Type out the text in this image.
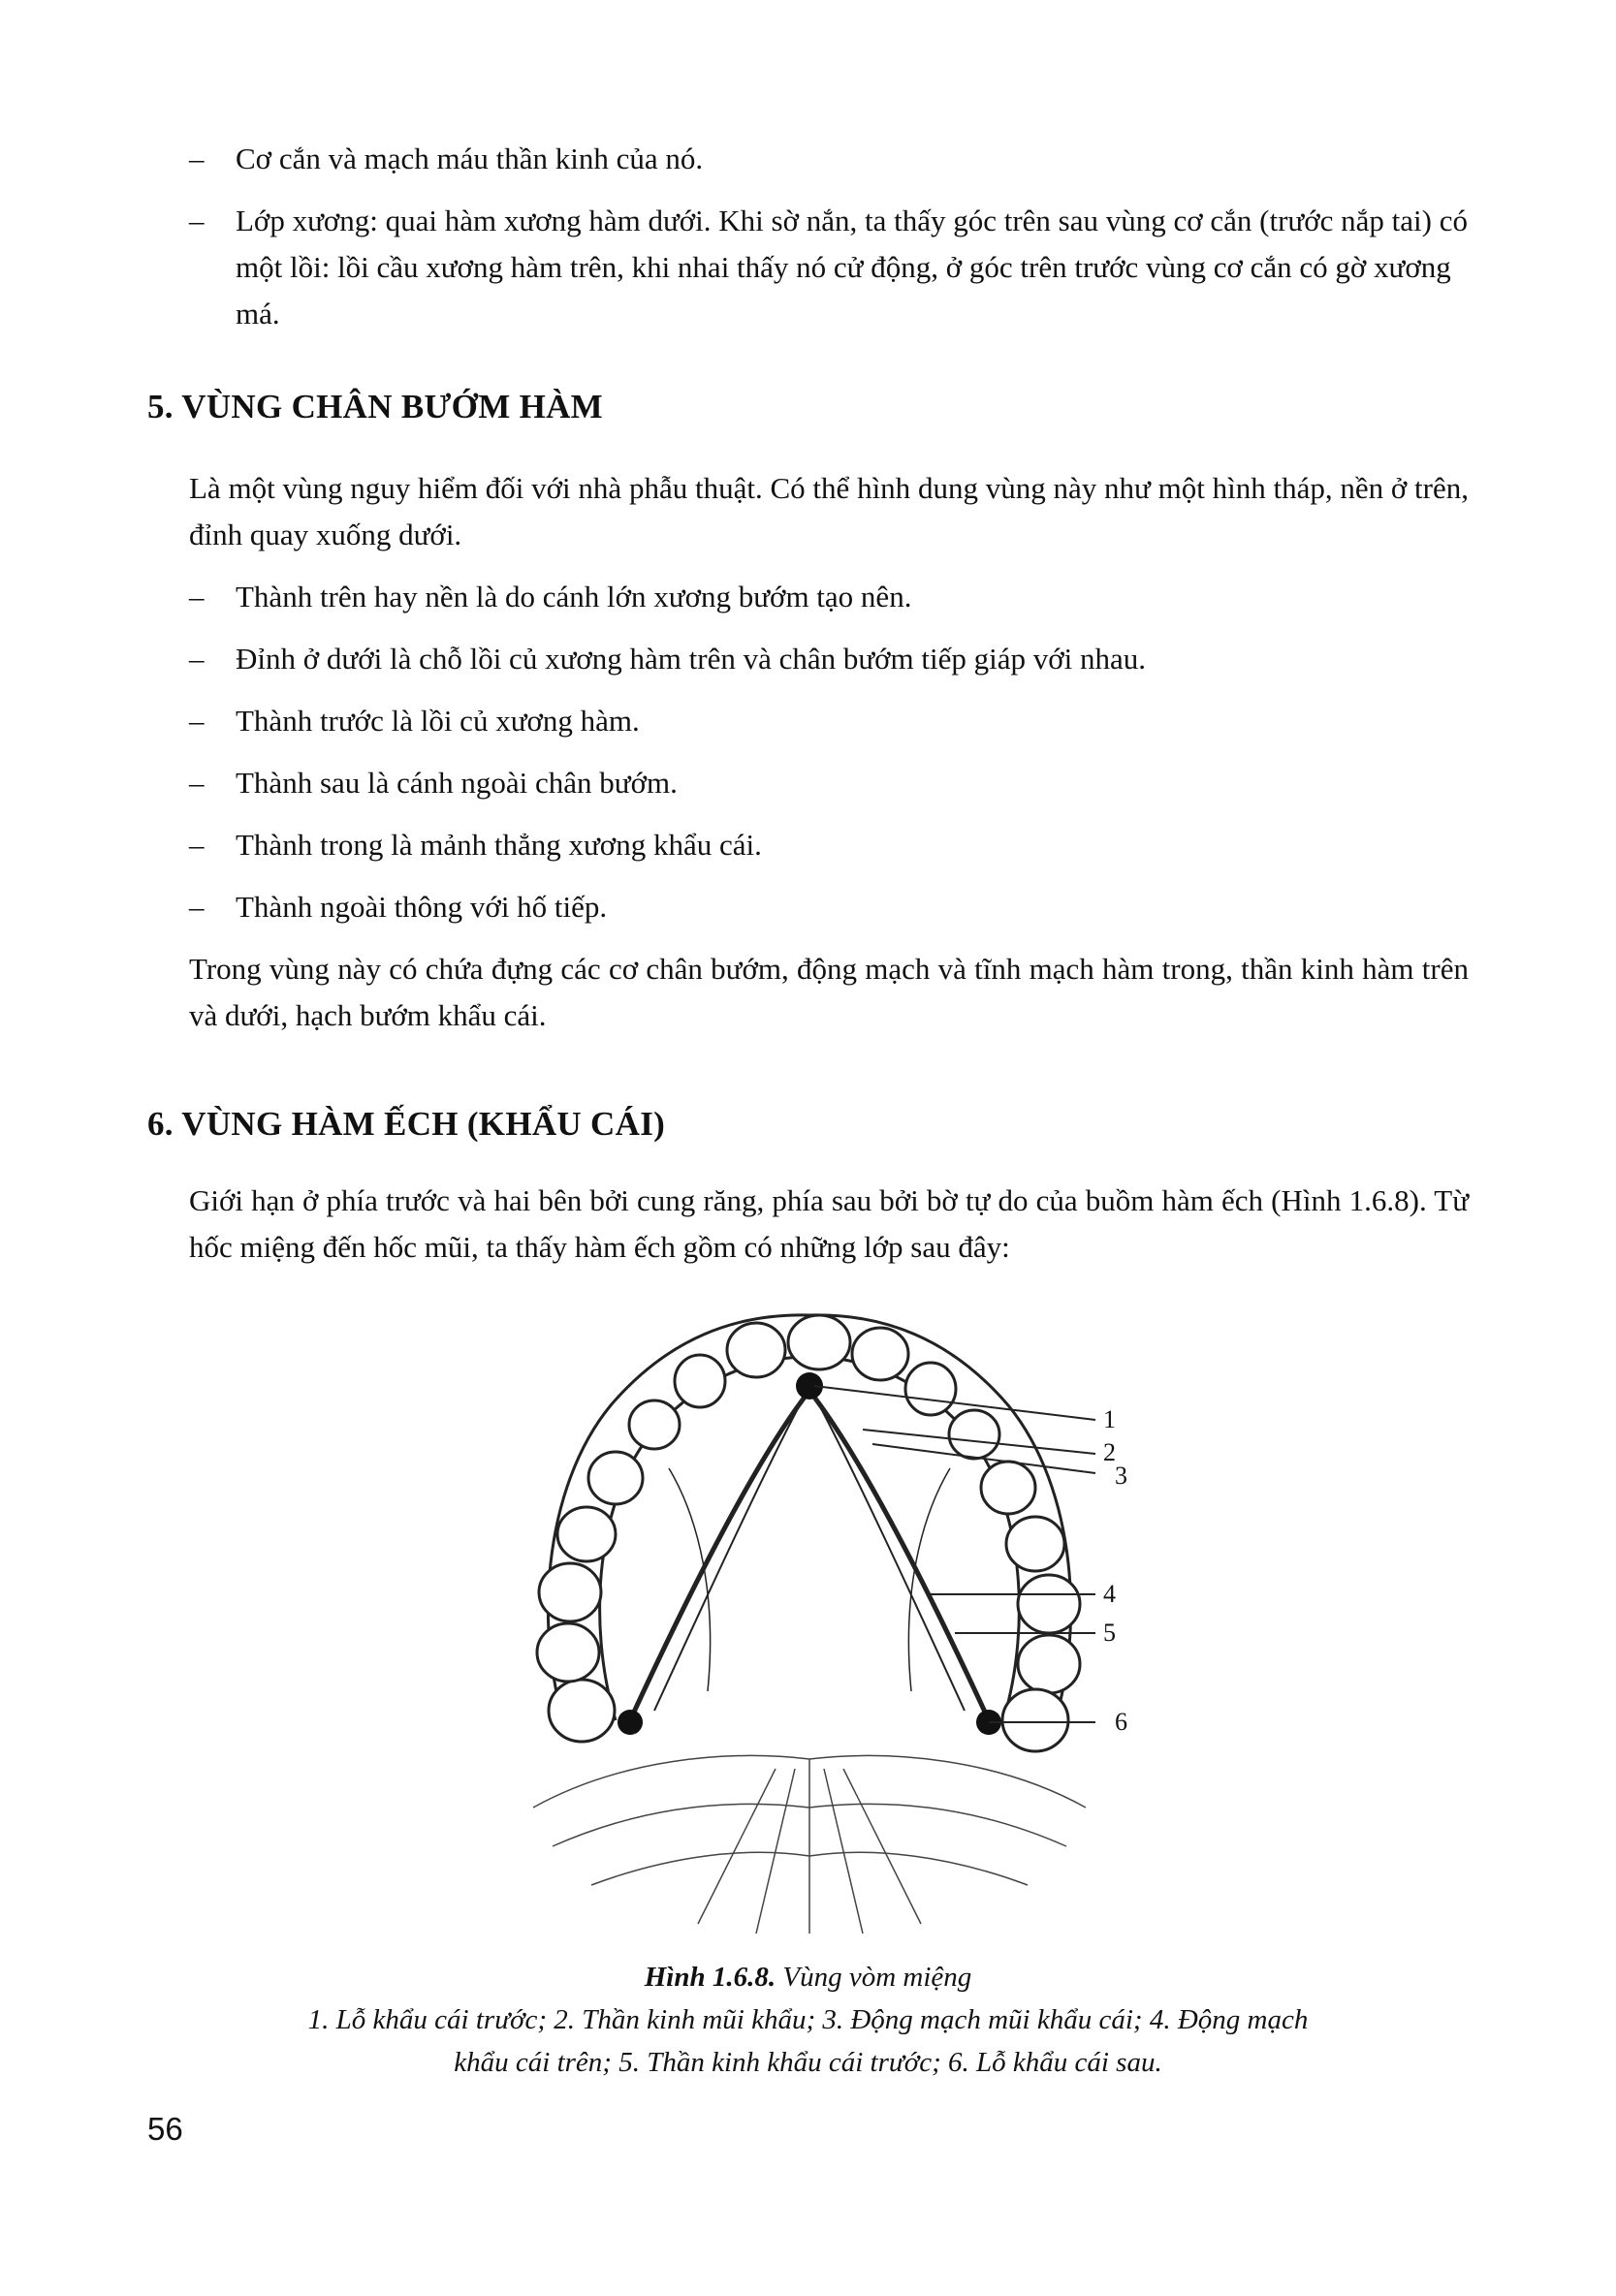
– Cơ cắn và mạch máu thần kinh của nó.
– Lớp xương: quai hàm xương hàm dưới. Khi sờ nắn, ta thấy góc trên sau vùng cơ cắn (trước nắp tai) có một lồi: lồi cầu xương hàm trên, khi nhai thấy nó cử động, ở góc trên trước vùng cơ cắn có gờ xương má.
5. VÙNG CHÂN BƯỚM HÀM

Là một vùng nguy hiểm đối với nhà phẫu thuật. Có thể hình dung vùng này như một hình tháp, nền ở trên, đỉnh quay xuống dưới.

– Thành trên hay nền là do cánh lớn xương bướm tạo nên.
– Đỉnh ở dưới là chỗ lồi củ xương hàm trên và chân bướm tiếp giáp với nhau.
– Thành trước là lồi củ xương hàm.
– Thành sau là cánh ngoài chân bướm.
– Thành trong là mảnh thẳng xương khẩu cái.
– Thành ngoài thông với hố tiếp.

Trong vùng này có chứa đựng các cơ chân bướm, động mạch và tĩnh mạch hàm trong, thần kinh hàm trên và dưới, hạch bướm khẩu cái.

6. VÙNG HÀM ẾCH (KHẨU CÁI)

Giới hạn ở phía trước và hai bên bởi cung răng, phía sau bởi bờ tự do của buồm hàm ếch (Hình 1.6.8). Từ hốc miệng đến hốc mũi, ta thấy hàm ếch gồm có những lớp sau đây:

1
2
3
4
5
6
Hình 1.6.8. Vùng vòm miệng
1. Lỗ khẩu cái trước; 2. Thần kinh mũi khẩu; 3. Động mạch mũi khẩu cái; 4. Động mạch
khẩu cái trên; 5. Thần kinh khẩu cái trước; 6. Lỗ khẩu cái sau.
56
